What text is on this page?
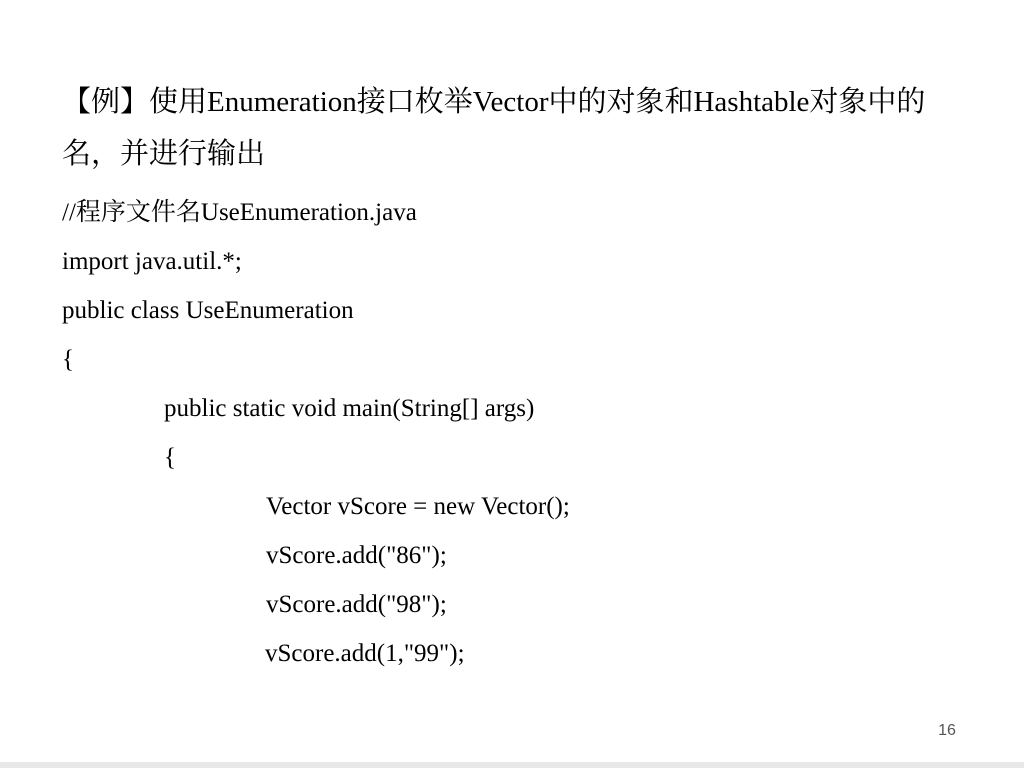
【例】使用Enumeration接口枚举Vector中的对象和Hashtable对象中的名，并进行输出

//程序文件名UseEnumeration.java
import java.util.*;
public class UseEnumeration
{
public static void main(String[] args)
{
Vector vScore = new Vector();
vScore.add("86");
vScore.add("98");
vScore.add(1,"99");
16
